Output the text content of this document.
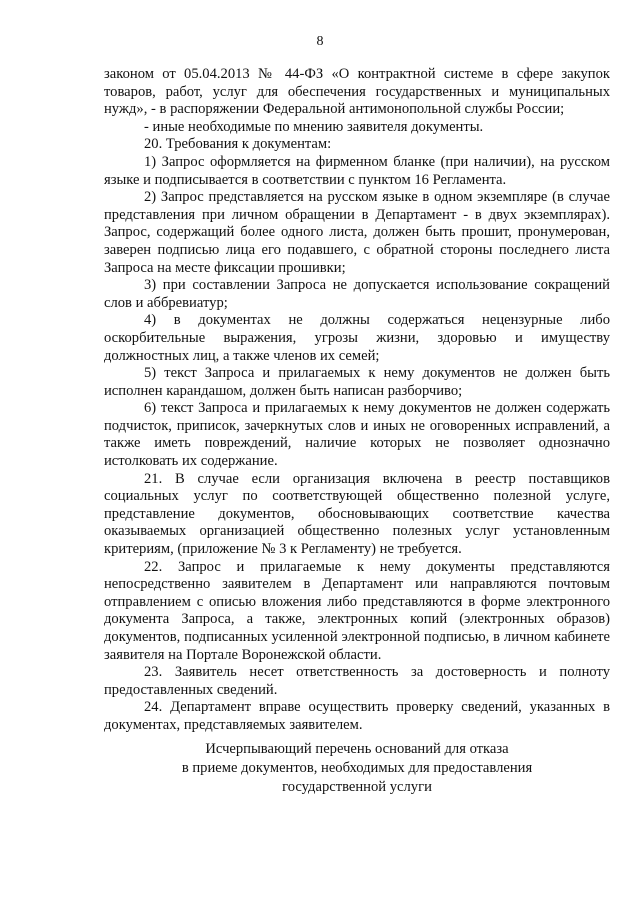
8

законом от 05.04.2013 № 44-ФЗ «О контрактной системе в сфере закупок товаров, работ, услуг для обеспечения государственных и муниципальных нужд», - в распоряжении Федеральной антимонопольной службы России;

- иные необходимые по мнению заявителя документы.

20. Требования к документам:

1) Запрос оформляется на фирменном бланке (при наличии), на русском языке и подписывается в соответствии с пунктом 16 Регламента.

2) Запрос представляется на русском языке в одном экземпляре (в случае представления при личном обращении в Департамент - в двух экземплярах). Запрос, содержащий более одного листа, должен быть прошит, пронумерован, заверен подписью лица его подавшего, с обратной стороны последнего листа Запроса на месте фиксации прошивки;

3) при составлении Запроса не допускается использование сокращений слов и аббревиатур;

4) в документах не должны содержаться нецензурные либо оскорбительные выражения, угрозы жизни, здоровью и имуществу должностных лиц, а также членов их семей;

5) текст Запроса и прилагаемых к нему документов не должен быть исполнен карандашом, должен быть написан разборчиво;

6) текст Запроса и прилагаемых к нему документов не должен содержать подчисток, приписок, зачеркнутых слов и иных не оговоренных исправлений, а также иметь повреждений, наличие которых не позволяет однозначно истолковать их содержание.

21. В случае если организация включена в реестр поставщиков социальных услуг по соответствующей общественно полезной услуге, представление документов, обосновывающих соответствие качества оказываемых организацией общественно полезных услуг установленным критериям, (приложение № 3 к Регламенту) не требуется.

22. Запрос и прилагаемые к нему документы представляются непосредственно заявителем в Департамент или направляются почтовым отправлением с описью вложения либо представляются в форме электронного документа Запроса, а также, электронных копий (электронных образов) документов, подписанных усиленной электронной подписью, в личном кабинете заявителя на Портале Воронежской области.

23. Заявитель несет ответственность за достоверность и полноту предоставленных сведений.

24. Департамент вправе осуществить проверку сведений, указанных в документах, представляемых заявителем.

Исчерпывающий перечень оснований для отказа
в приеме документов, необходимых для предоставления
государственной услуги
